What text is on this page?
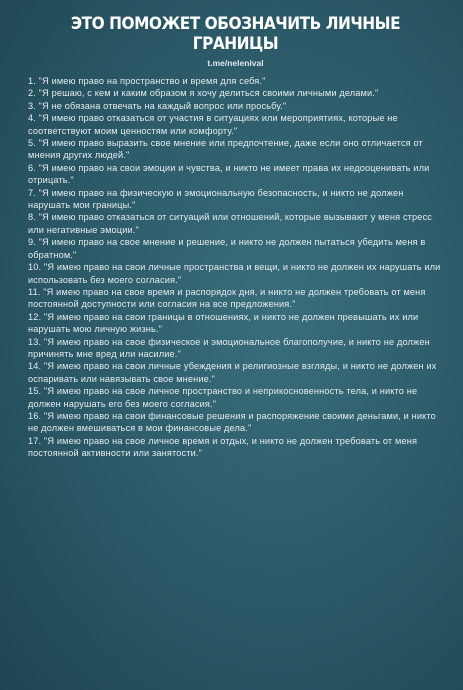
ЭТО ПОМОЖЕТ ОБОЗНАЧИТЬ ЛИЧНЫЕ ГРАНИЦЫ
t.me/nelenival
1. "Я имею право на пространство и время для себя."
2. "Я решаю, с кем и каким образом я хочу делиться своими личными делами."
3. "Я не обязана отвечать на каждый вопрос или просьбу."
4. "Я имею право отказаться от участия в ситуациях или мероприятиях, которые не соответствуют моим ценностям или комфорту."
5. "Я имею право выразить свое мнение или предпочтение, даже если оно отличается от мнения других людей."
6. "Я имею право на свои эмоции и чувства, и никто не имеет права их недооценивать или отрицать."
7. "Я имею право на физическую и эмоциональную безопасность, и никто не должен нарушать мои границы."
8. "Я имею право отказаться от ситуаций или отношений, которые вызывают у меня стресс или негативные эмоции."
9. "Я имею право на свое мнение и решение, и никто не должен пытаться убедить меня в обратном."
10. "Я имею право на свои личные пространства и вещи, и никто не должен их нарушать или использовать без моего согласия."
11. "Я имею право на свое время и распорядок дня, и никто не должен требовать от меня постоянной доступности или согласия на все предложения."
12. "Я имею право на свои границы в отношениях, и никто не должен превышать их или нарушать мою личную жизнь."
13. "Я имею право на свое физическое и эмоциональное благополучие, и никто не должен причинять мне вред или насилие."
14. "Я имею право на свои личные убеждения и религиозные взгляды, и никто не должен их оспаривать или навязывать свое мнение."
15. "Я имею право на свое личное пространство и неприкосновенность тела, и никто не должен нарушать его без моего согласия."
16. "Я имею право на свои финансовые решения и распоряжение своими деньгами, и никто не должен вмешиваться в мои финансовые дела."
17. "Я имею право на свое личное время и отдых, и никто не должен требовать от меня постоянной активности или занятости."
